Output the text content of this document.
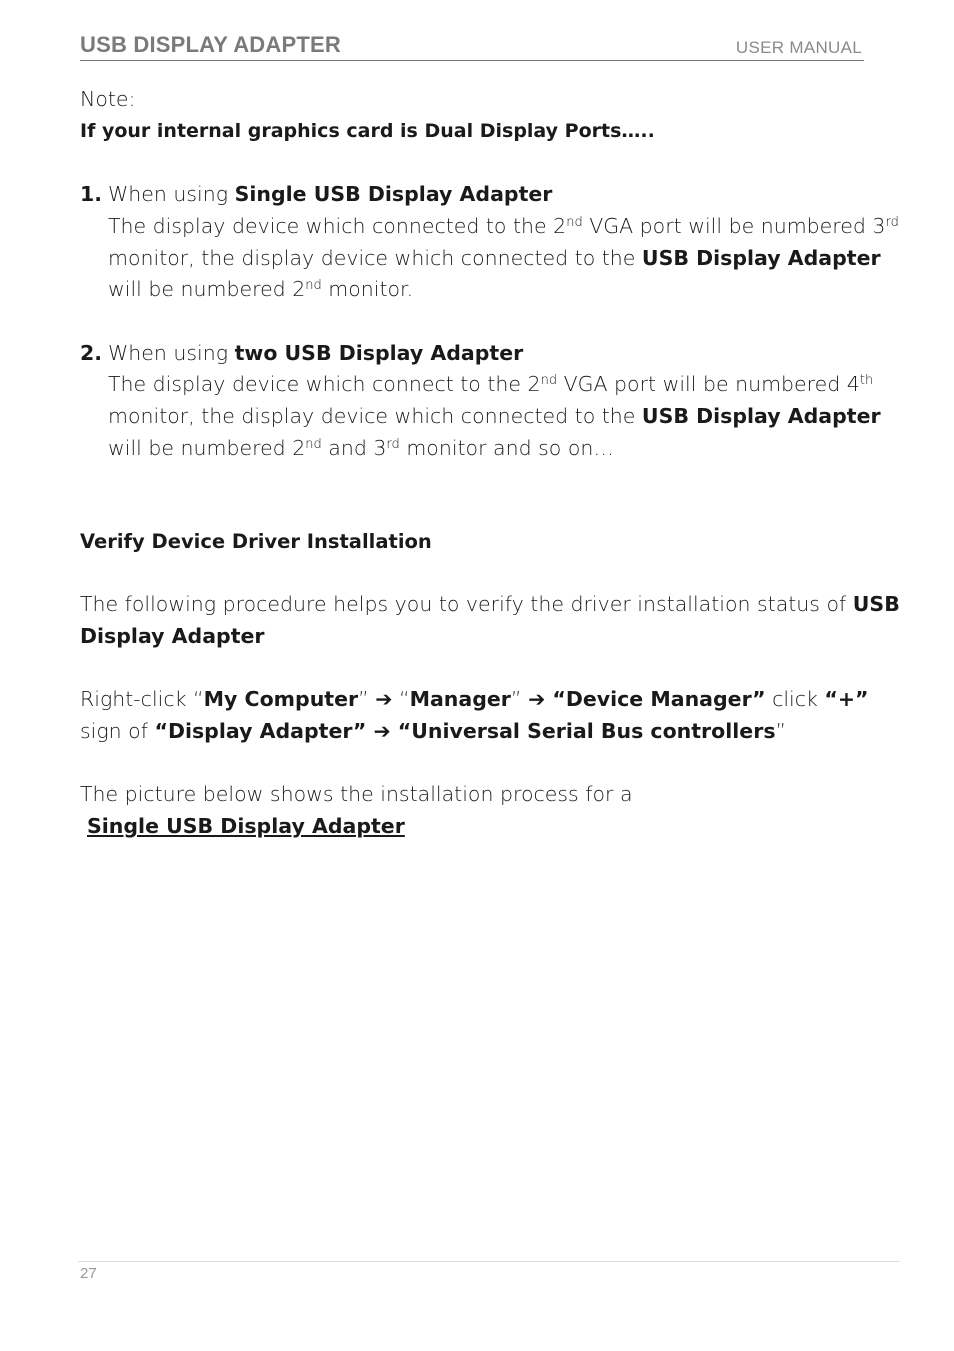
USB DISPLAY ADAPTER	USER MANUAL

Note:

If your internal graphics card is Dual Display Ports…..

1. When using Single USB Display Adapter

The display device which connected to the 2nd VGA port will be numbered 3rd monitor, the display device which connected to the USB Display Adapter will be numbered 2nd monitor.

2. When using two USB Display Adapter

The display device which connect to the 2nd VGA port will be numbered 4th monitor, the display device which connected to the USB Display Adapter will be numbered 2nd and 3rd monitor and so on…

Verify Device Driver Installation

The following procedure helps you to verify the driver installation status of USB Display Adapter

Right-click “My Computer” ➔ “Manager” ➔ “Device Manager” click “+” sign of “Display Adapter” ➔ “Universal Serial Bus controllers”

The picture below shows the installation process for a

Single USB Display Adapter

27
